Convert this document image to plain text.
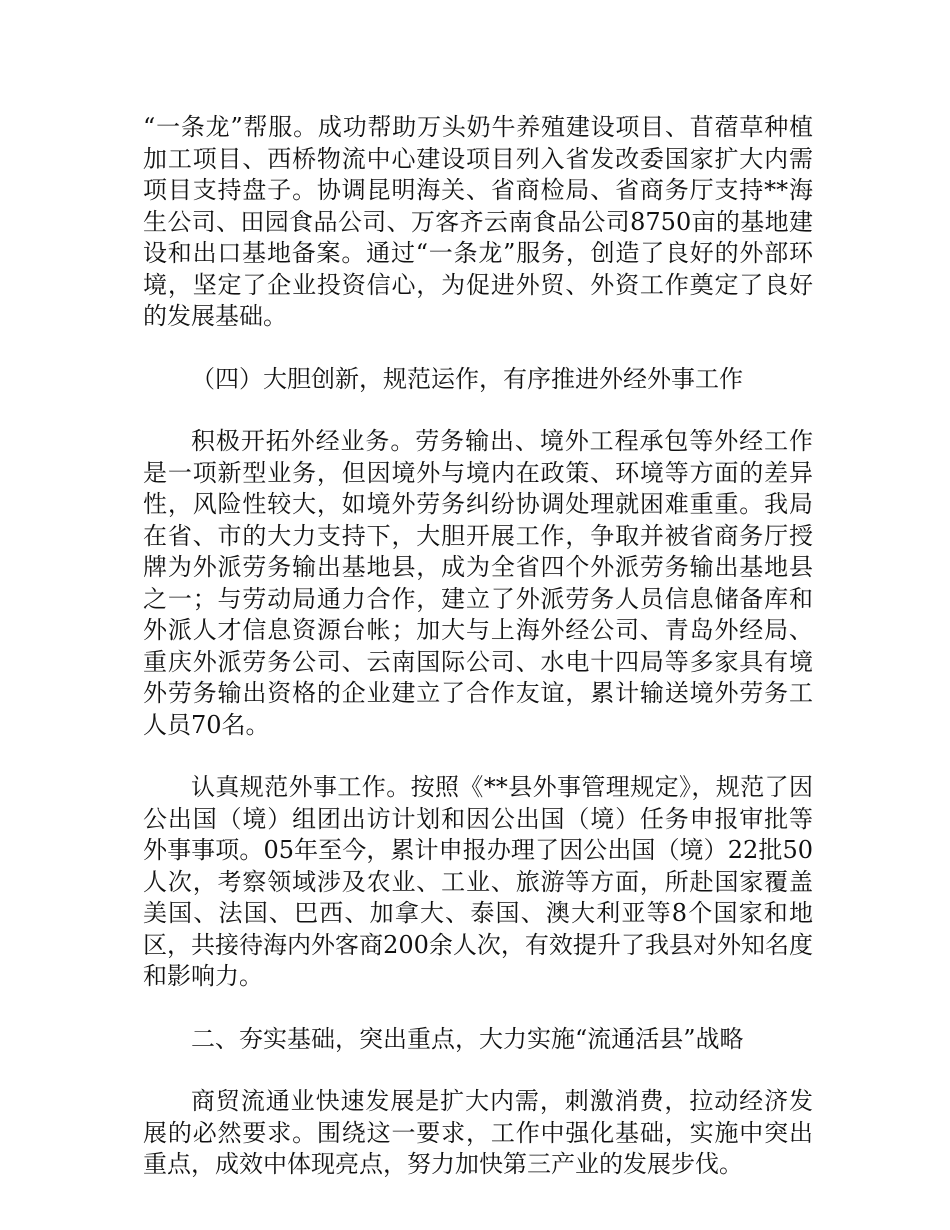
“一条龙”帮服。成功帮助万头奶牛养殖建设项目、苜蓿草种植加工项目、西桥物流中心建设项目列入省发改委国家扩大内需项目支持盘子。协调昆明海关、省商检局、省商务厅支持**海生公司、田园食品公司、万客齐云南食品公司8750亩的基地建设和出口基地备案。通过“一条龙”服务，创造了良好的外部环境，坚定了企业投资信心，为促进外贸、外资工作奠定了良好的发展基础。

（四）大胆创新，规范运作，有序推进外经外事工作

积极开拓外经业务。劳务输出、境外工程承包等外经工作是一项新型业务，但因境外与境内在政策、环境等方面的差异性，风险性较大，如境外劳务纠纷协调处理就困难重重。我局在省、市的大力支持下，大胆开展工作，争取并被省商务厅授牌为外派劳务输出基地县，成为全省四个外派劳务输出基地县之一；与劳动局通力合作，建立了外派劳务人员信息储备库和外派人才信息资源台帐；加大与上海外经公司、青岛外经局、重庆外派劳务公司、云南国际公司、水电十四局等多家具有境外劳务输出资格的企业建立了合作友谊，累计输送境外劳务工人员70名。

认真规范外事工作。按照《**县外事管理规定》，规范了因公出国（境）组团出访计划和因公出国（境）任务申报审批等外事事项。05年至今，累计申报办理了因公出国（境）22批50人次，考察领域涉及农业、工业、旅游等方面，所赴国家覆盖美国、法国、巴西、加拿大、泰国、澳大利亚等8个国家和地区，共接待海内外客商200余人次，有效提升了我县对外知名度和影响力。

二、夯实基础，突出重点，大力实施“流通活县”战略

商贸流通业快速发展是扩大内需，刺激消费，拉动经济发展的必然要求。围绕这一要求，工作中强化基础，实施中突出重点，成效中体现亮点，努力加快第三产业的发展步伐。
